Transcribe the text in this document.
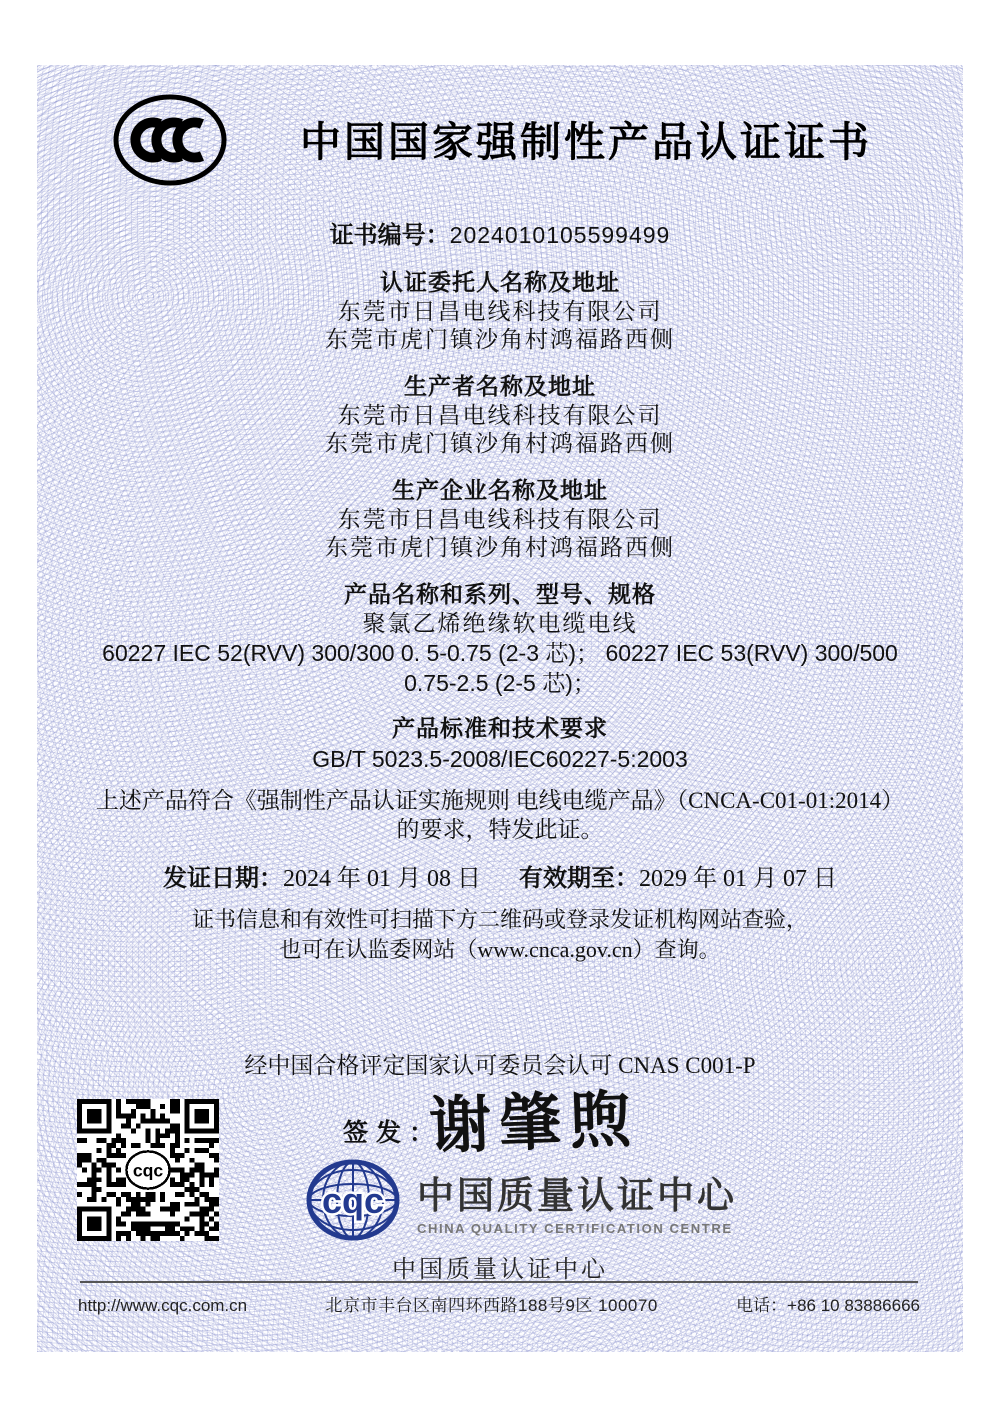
中国国家强制性产品认证证书
证书编号：2024010105599499
认证委托人名称及地址
东莞市日昌电线科技有限公司
东莞市虎门镇沙角村鸿福路西侧
生产者名称及地址
东莞市日昌电线科技有限公司
东莞市虎门镇沙角村鸿福路西侧
生产企业名称及地址
东莞市日昌电线科技有限公司
东莞市虎门镇沙角村鸿福路西侧
产品名称和系列、型号、规格
聚氯乙烯绝缘软电缆电线
60227 IEC 52(RVV) 300/300 0. 5-0.75 (2-3 芯)； 60227 IEC 53(RVV) 300/500
0.75-2.5 (2-5 芯)；
产品标准和技术要求
GB/T 5023.5-2008/IEC60227-5:2003
上述产品符合《强制性产品认证实施规则 电线电缆产品》（CNCA-C01-01:2014）
的要求，特发此证。
发证日期：2024 年 01 月 08 日 有效期至：2029 年 01 月 07 日
证书信息和有效性可扫描下方二维码或登录发证机构网站查验，
也可在认监委网站（www.cnca.gov.cn）查询。
经中国合格评定国家认可委员会认可 CNAS C001-P
签发：
谢肇煦
cqc
cqc 中国质量认证中心
CHINA QUALITY CERTIFICATION CENTRE
中国质量认证中心
http://www.cqc.com.cn	北京市丰台区南四环西路188号9区 100070	电话：+86 10 83886666
